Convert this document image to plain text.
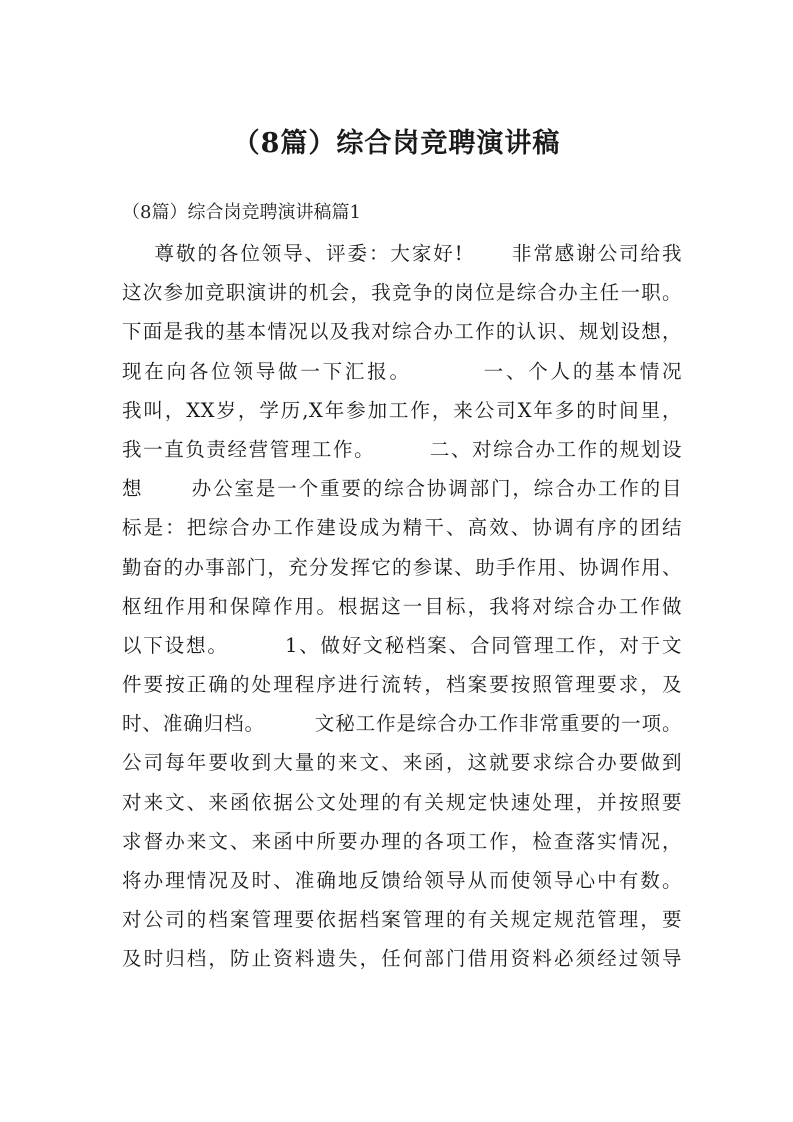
（8篇）综合岗竞聘演讲稿
（8篇）综合岗竞聘演讲稿篇1
尊敬的各位领导、评委：大家好!      非常感谢公司给我
这次参加竞职演讲的机会，我竞争的岗位是综合办主任一职。
下面是我的基本情况以及我对综合办工作的认识、规划设想，
现在向各位领导做一下汇报。        一、个人的基本情况
我叫，XX岁，学历,X年参加工作，来公司X年多的时间里，
我一直负责经营管理工作。       二、对综合办工作的规划设
想      办公室是一个重要的综合协调部门，综合办工作的目
标是：把综合办工作建设成为精干、高效、协调有序的团结
勤奋的办事部门，充分发挥它的参谋、助手作用、协调作用、
枢纽作用和保障作用。根据这一目标，我将对综合办工作做
以下设想。       1、做好文秘档案、合同管理工作，对于文
件要按正确的处理程序进行流转，档案要按照管理要求，及
时、准确归档。       文秘工作是综合办工作非常重要的一项。
公司每年要收到大量的来文、来函，这就要求综合办要做到
对来文、来函依据公文处理的有关规定快速处理，并按照要
求督办来文、来函中所要办理的各项工作，检查落实情况，
将办理情况及时、准确地反馈给领导从而使领导心中有数。
对公司的档案管理要依据档案管理的有关规定规范管理，要
及时归档，防止资料遗失，任何部门借用资料必须经过领导
